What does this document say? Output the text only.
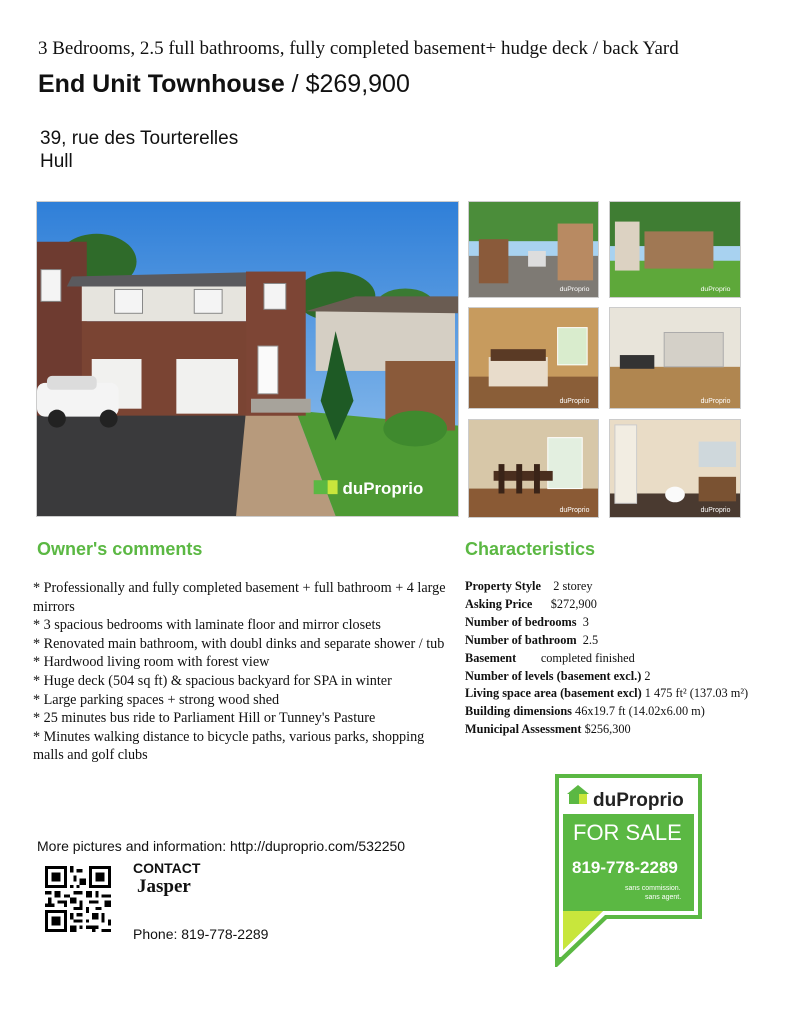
3 Bedrooms, 2.5 full bathrooms, fully completed basement+ hudge deck / back Yard
End Unit Townhouse / $269,900
39, rue des Tourterelles
Hull
duProprio
duProprio	duProprio
duProprio	duProprio
duProprio	duProprio
Owner's comments
* Professionally and fully completed basement + full bathroom + 4 large mirrors
* 3 spacious bedrooms with laminate floor and mirror closets
* Renovated main bathroom, with doubl dinks and separate shower / tub
* Hardwood living room with forest view
* Huge deck (504 sq ft) & spacious backyard for SPA in winter
* Large parking spaces + strong wood shed
* 25 minutes bus ride to Parliament Hill or Tunney's Pasture
* Minutes walking distance to bicycle paths, various parks, shopping malls and golf clubs
Characteristics
Property Style 2 storey
Asking Price $272,900
Number of bedrooms 3
Number of bathroom 2.5
Basement completed finished
Number of levels (basement excl.) 2
Living space area (basement excl) 1 475 ft² (137.03 m²)
Building dimensions 46x19.7 ft (14.02x6.00 m)
Municipal Assessment $256,300
More pictures and information: http://duproprio.com/532250
CONTACT
Jasper
Phone: 819-778-2289
duProprio
FOR SALE
819-778-2289
sans commission.
sans agent.
